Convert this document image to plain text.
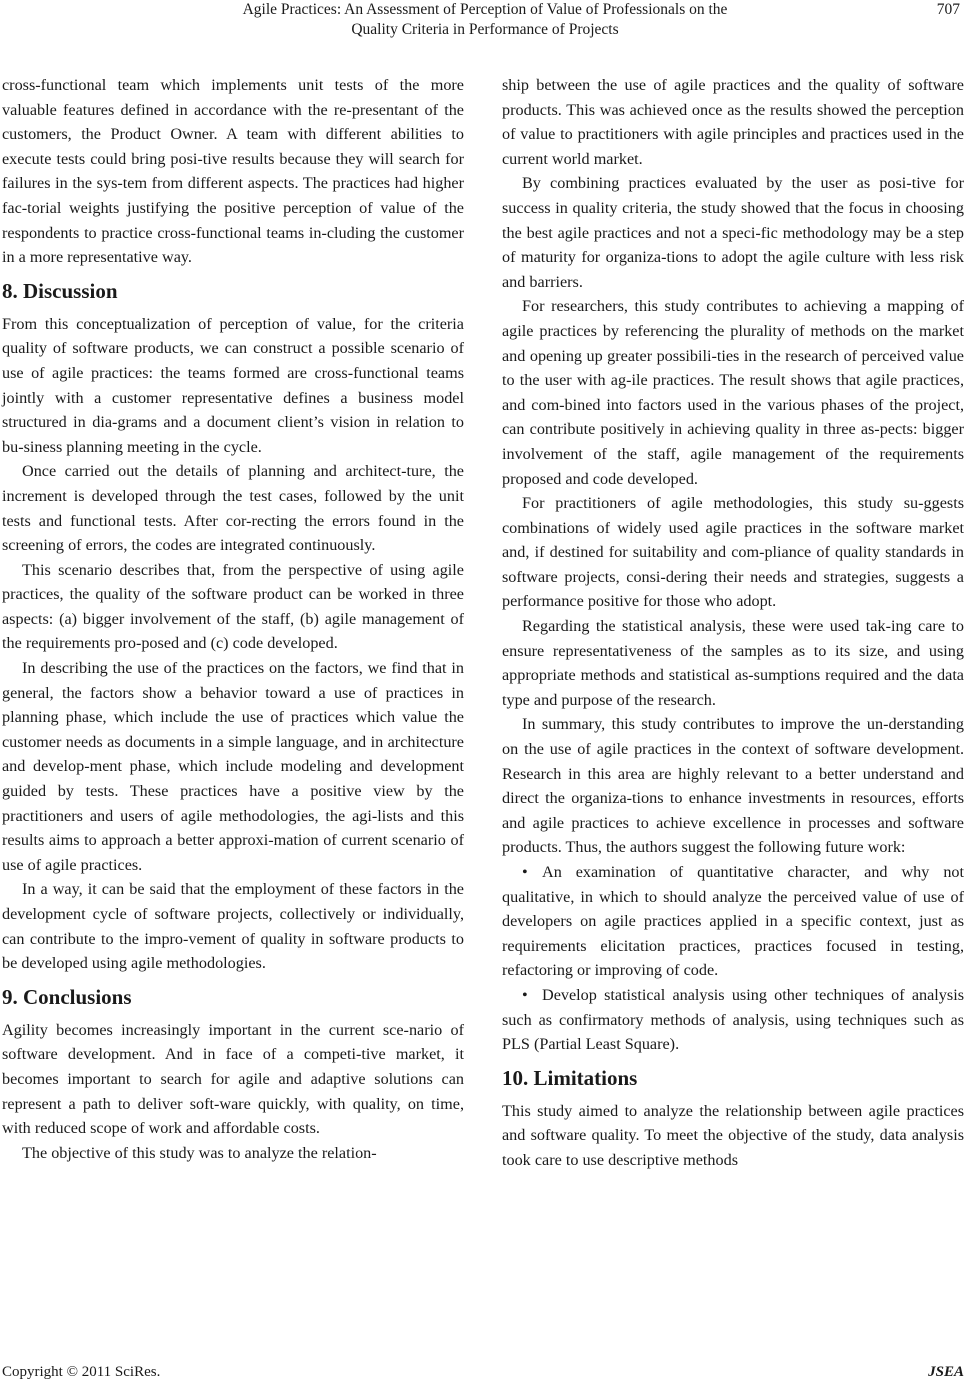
Agile Practices: An Assessment of Perception of Value of Professionals on the
Quality Criteria in Performance of Projects
707

cross-functional team which implements unit tests of the more valuable features defined in accordance with the re-presentant of the customers, the Product Owner. A team with different abilities to execute tests could bring posi-tive results because they will search for failures in the sys-tem from different aspects. The practices had higher fac-torial weights justifying the positive perception of value of the respondents to practice cross-functional teams in-cluding the customer in a more representative way.

8. Discussion

From this conceptualization of perception of value, for the criteria quality of software products, we can construct a possible scenario of use of agile practices: the teams formed are cross-functional teams jointly with a customer representative defines a business model structured in dia-grams and a document client’s vision in relation to bu-siness planning meeting in the cycle.

Once carried out the details of planning and architect-ture, the increment is developed through the test cases, followed by the unit tests and functional tests. After cor-recting the errors found in the screening of errors, the codes are integrated continuously.

This scenario describes that, from the perspective of using agile practices, the quality of the software product can be worked in three aspects: (a) bigger involvement of the staff, (b) agile management of the requirements pro-posed and (c) code developed.

In describing the use of the practices on the factors, we find that in general, the factors show a behavior toward a use of practices in planning phase, which include the use of practices which value the customer needs as documents in a simple language, and in architecture and develop-ment phase, which include modeling and development guided by tests. These practices have a positive view by the practitioners and users of agile methodologies, the agi-lists and this results aims to approach a better approxi-mation of current scenario of use of agile practices.

In a way, it can be said that the employment of these factors in the development cycle of software projects, collectively or individually, can contribute to the impro-vement of quality in software products to be developed using agile methodologies.

9. Conclusions

Agility becomes increasingly important in the current sce-nario of software development. And in face of a competi-tive market, it becomes important to search for agile and adaptive solutions can represent a path to deliver soft-ware quickly, with quality, on time, with reduced scope of work and affordable costs.

The objective of this study was to analyze the relation-

ship between the use of agile practices and the quality of software products. This was achieved once as the results showed the perception of value to practitioners with agile principles and practices used in the current world market.

By combining practices evaluated by the user as posi-tive for success in quality criteria, the study showed that the focus in choosing the best agile practices and not a speci-fic methodology may be a step of maturity for organiza-tions to adopt the agile culture with less risk and barriers.

For researchers, this study contributes to achieving a mapping of agile practices by referencing the plurality of methods on the market and opening up greater possibili-ties in the research of perceived value to the user with ag-ile practices. The result shows that agile practices, and com-bined into factors used in the various phases of the project, can contribute positively in achieving quality in three as-pects: bigger involvement of the staff, agile management of the requirements proposed and code developed.

For practitioners of agile methodologies, this study su-ggests combinations of widely used agile practices in the software market and, if destined for suitability and com-pliance of quality standards in software projects, consi-dering their needs and strategies, suggests a performance positive for those who adopt.

Regarding the statistical analysis, these were used tak-ing care to ensure representativeness of the samples as to its size, and using appropriate methods and statistical as-sumptions required and the data type and purpose of the research.

In summary, this study contributes to improve the un-derstanding on the use of agile practices in the context of software development. Research in this area are highly relevant to a better understand and direct the organiza-tions to enhance investments in resources, efforts and agile practices to achieve excellence in processes and software products. Thus, the authors suggest the following future work:

• An examination of quantitative character, and why not qualitative, in which to should analyze the perceived value of use of developers on agile practices applied in a specific context, just as requirements elicitation practices, practices focused in testing, refactoring or improving of code.
• Develop statistical analysis using other techniques of analysis such as confirmatory methods of analysis, using techniques such as PLS (Partial Least Square).
10. Limitations

This study aimed to analyze the relationship between agile practices and software quality. To meet the objective of the study, data analysis took care to use descriptive methods

Copyright © 2011 SciRes.	JSEA
